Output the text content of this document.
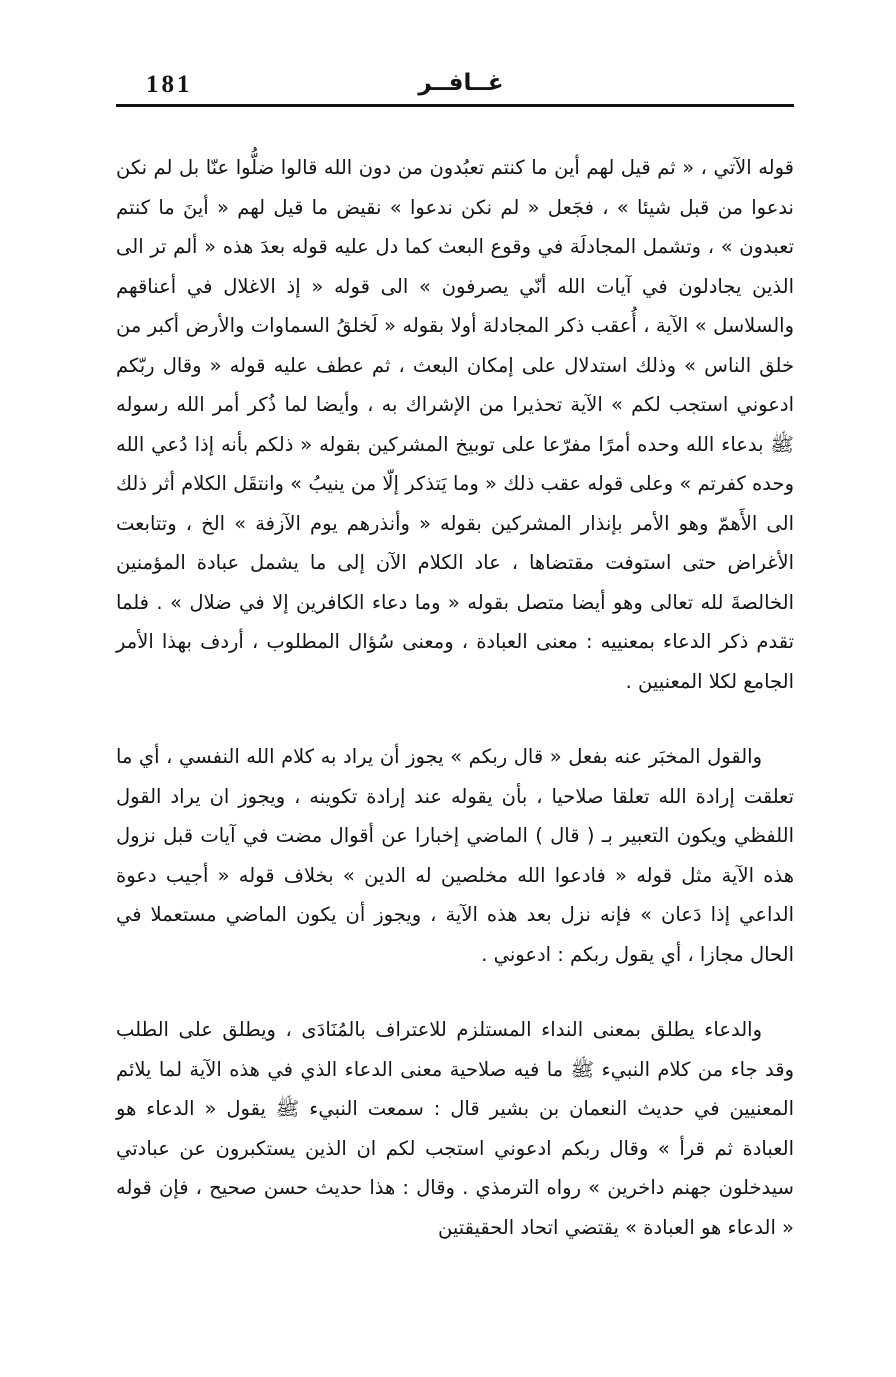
181	غــافــر

قوله الآتي ، « ثم قيل لهم أين ما كنتم تعبُدون من دون الله قالوا ضلُّوا عنّا بل لم نكن ندعوا من قبل شيئا » ، فجَعل « لم نكن ندعوا » نقيض ما قيل لهم « أينَ ما كنتم تعبدون » ، وتشمل المجادلَة في وقوع البعث كما دل عليه قوله بعدَ هذه « ألم تر الى الذين يجادلون في آيات الله أنّي يصرفون » الى قوله « إذ الاغلال في أعناقهم والسلاسل » الآية ، أُعقب ذكر المجادلة أولا بقوله « لَخلقُ السماوات والأرض أكبر من خلق الناس » وذلك استدلال على إمكان البعث ، ثم عطف عليه قوله « وقال ربّكم ادعوني استجب لكم » الآية تحذيرا من الإشراك به ، وأيضا لما ذُكر أمر الله رسوله ﷺ بدعاء الله وحده أمرًا مفرّعا على توبيخ المشركين بقوله « ذلكم بأنه إذا دُعي الله وحده كفرتم » وعلى قوله عقب ذلك « وما يَتذكر إلّا من ينيبُ » وانتقَل الكلام أثر ذلك الى الأَهمّ وهو الأمر بإنذار المشركين بقوله « وأنذرهم يوم الآزفة » الخ ، وتتابعت الأغراض حتى استوفت مقتضاها ، عاد الكلام الآن إلى ما يشمل عبادة المؤمنين الخالصةَ لله تعالى وهو أيضا متصل بقوله « وما دعاء الكافرين إلا في ضلال » . فلما تقدم ذكر الدعاء بمعنييه : معنى العبادة ، ومعنى سُؤال المطلوب ، أردف بهذا الأمر الجامع لكلا المعنيين .

والقول المخبَر عنه بفعل « قال ربكم » يجوز أن يراد به كلام الله النفسي ، أي ما تعلقت إرادة الله تعلقا صلاحيا ، بأن يقوله عند إرادة تكوينه ، ويجوز ان يراد القول اللفظي ويكون التعبير بـ ( قال ) الماضي إخبارا عن أقوال مضت في آيات قبل نزول هذه الآية مثل قوله « فادعوا الله مخلصين له الدين » بخلاف قوله « أجيب دعوة الداعي إذا دَعان » فإنه نزل بعد هذه الآية ، ويجوز أن يكون الماضي مستعملا في الحال مجازا ، أي يقول ربكم : ادعوني .

والدعاء يطلق بمعنى النداء المستلزم للاعتراف بالمُنَادَى ، ويطلق على الطلب وقد جاء من كلام النبيء ﷺ ما فيه صلاحية معنى الدعاء الذي في هذه الآية لما يلائم المعنيين في حديث النعمان بن بشير قال : سمعت النبيء ﷺ يقول « الدعاء هو العبادة ثم قرأ » وقال ربكم ادعوني استجب لكم ان الذين يستكبرون عن عبادتي سيدخلون جهنم داخرين » رواه الترمذي . وقال : هذا حديث حسن صحيح ، فإن قوله « الدعاء هو العبادة » يقتضي اتحاد الحقيقتين
